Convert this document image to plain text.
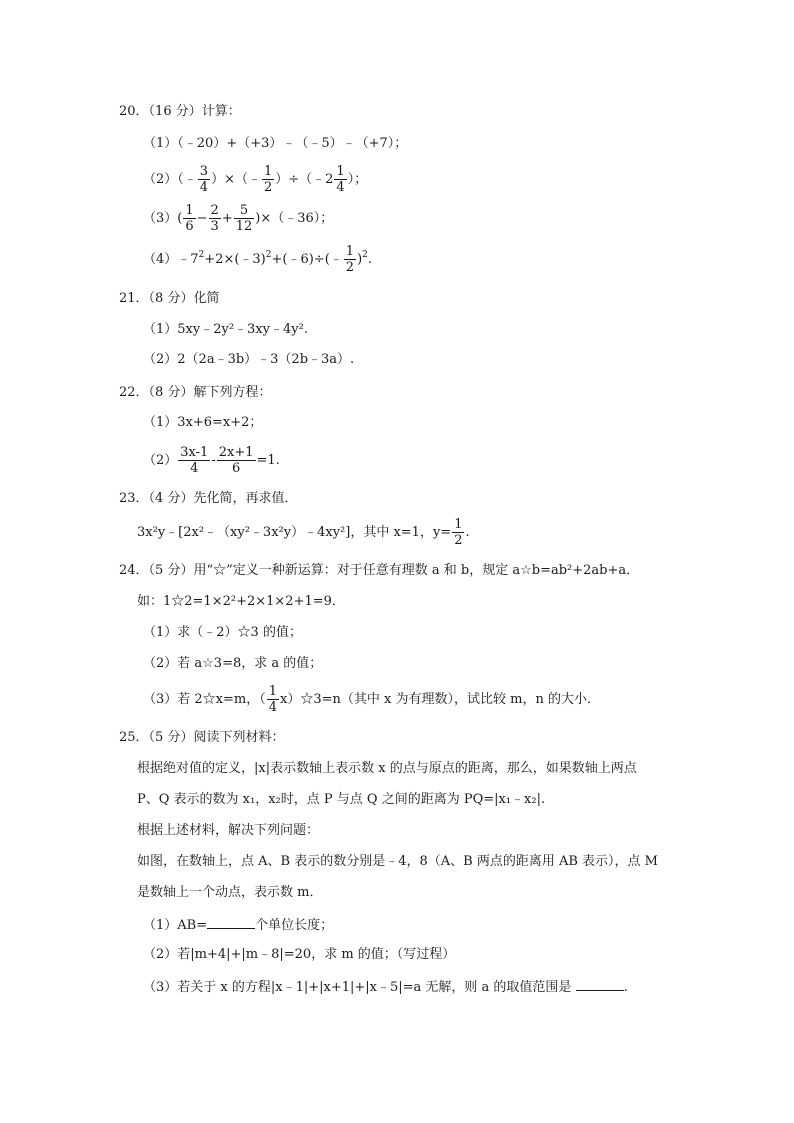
20．（16 分）计算：
（1）（﹣20）+（+3）﹣（﹣5）﹣（+7）；
（2）（﹣ $\frac{3}{4}$ ）×（﹣ $\frac{1}{2}$ ）÷（﹣2 $\frac{1}{4}$ ）；
$(3)( \frac{1}{6} - \frac{2}{3} + \frac{5}{12}$ )×（﹣36）；
$(4)﹣7^2+2\times(﹣3)^2+(﹣6)\div(﹣ \frac{1}{2} )^2$.
21．（8 分）化简
（1）5xy﹣2y²﹣3xy﹣4y².
（2）2（2a﹣3b）﹣3（2b﹣3a）.
22．（8 分）解下列方程：
（1）3x+6=x+2；
$(2) \frac{3x-1}{4} - \frac{2x+1}{6} =1$.
23．（4 分）先化简，再求值．
3x²y﹣[2x²﹣（xy²﹣3x²y）﹣4xy²]，其中 x=1，$y= \frac{1}{2}$ .
24．（5 分）用“☆”定义一种新运算：对于任意有理数 a 和 b，规定 a☆b=ab²+2ab+a．
如：1☆2=1×2²+2×1×2+1=9．
（1）求（﹣2）☆3 的值；
（2）若 a☆3=8，求 a 的值；
（3）若 2☆x=m，（ $\frac{1}{4}$ x）☆3=n（其中 x 为有理数），试比较 m，n 的大小．
25．（5 分）阅读下列材料：
根据绝对值的定义，|x|表示数轴上表示数 x 的点与原点的距离，那么，如果数轴上两点
P、Q 表示的数为 x₁，x₂时，点 P 与点 Q 之间的距离为 PQ=|x₁﹣x₂|.
根据上述材料，解决下列问题：
如图，在数轴上，点 A、B 表示的数分别是﹣4，8（A、B 两点的距离用 AB 表示），点 M
是数轴上一个动点，表示数 m．
（1）AB=	个单位长度；
（2）若|m+4|+|m﹣8|=20，求 m 的值；（写过程）
（3）若关于 x 的方程|x﹣1|+|x+1|+|x﹣5|=a 无解，则 a 的取值范围是	.
